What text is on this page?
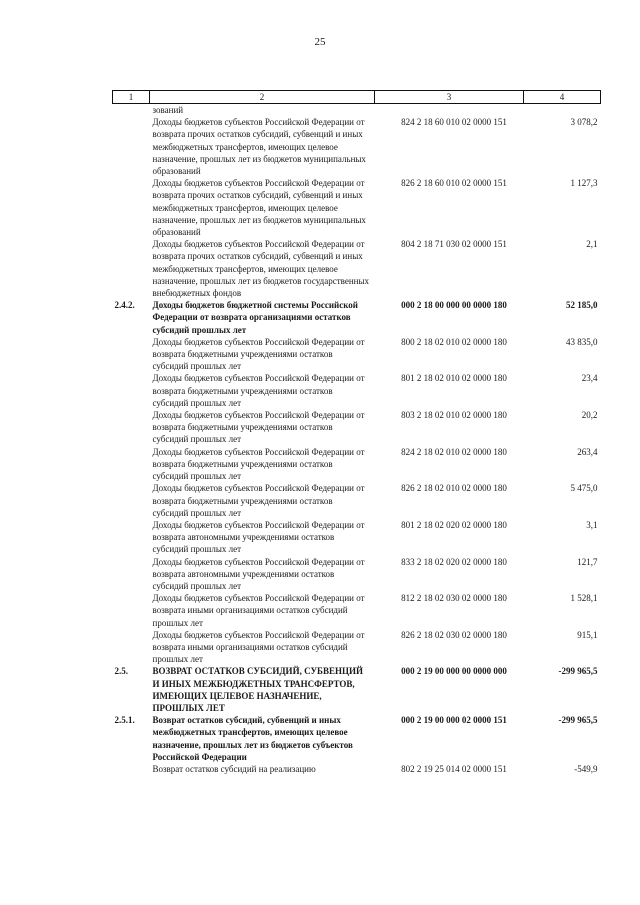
25
1	2	3	4
	зований		
	Доходы бюджетов субъектов Российской Федерации от возврата прочих остатков субсидий, субвенций и иных межбюджетных трансфертов, имеющих целевое назначение, прошлых лет из бюджетов муниципальных образований	824 2 18 60 010 02 0000 151	3 078,2
	Доходы бюджетов субъектов Российской Федерации от возврата прочих остатков субсидий, субвенций и иных межбюджетных трансфертов, имеющих целевое назначение, прошлых лет из бюджетов муниципальных образований	826 2 18 60 010 02 0000 151	1 127,3
	Доходы бюджетов субъектов Российской Федерации от возврата прочих остатков субсидий, субвенций и иных межбюджетных трансфертов, имеющих целевое назначение, прошлых лет из бюджетов государственных внебюджетных фондов	804 2 18 71 030 02 0000 151	2,1
2.4.2.	Доходы бюджетов бюджетной системы Российской Федерации от возврата организациями остатков субсидий прошлых лет	000 2 18 00 000 00 0000 180	52 185,0
	Доходы бюджетов субъектов Российской Федерации от возврата бюджетными учреждениями остатков субсидий прошлых лет	800 2 18 02 010 02 0000 180	43 835,0
	Доходы бюджетов субъектов Российской Федерации от возврата бюджетными учреждениями остатков субсидий прошлых лет	801 2 18 02 010 02 0000 180	23,4
	Доходы бюджетов субъектов Российской Федерации от возврата бюджетными учреждениями остатков субсидий прошлых лет	803 2 18 02 010 02 0000 180	20,2
	Доходы бюджетов субъектов Российской Федерации от возврата бюджетными учреждениями остатков субсидий прошлых лет	824 2 18 02 010 02 0000 180	263,4
	Доходы бюджетов субъектов Российской Федерации от возврата бюджетными учреждениями остатков субсидий прошлых лет	826 2 18 02 010 02 0000 180	5 475,0
	Доходы бюджетов субъектов Российской Федерации от возврата автономными учреждениями остатков субсидий прошлых лет	801 2 18 02 020 02 0000 180	3,1
	Доходы бюджетов субъектов Российской Федерации от возврата автономными учреждениями остатков субсидий прошлых лет	833 2 18 02 020 02 0000 180	121,7
	Доходы бюджетов субъектов Российской Федерации от возврата иными организациями остатков субсидий прошлых лет	812 2 18 02 030 02 0000 180	1 528,1
	Доходы бюджетов субъектов Российской Федерации от возврата иными организациями остатков субсидий прошлых лет	826 2 18 02 030 02 0000 180	915,1
2.5.	ВОЗВРАТ ОСТАТКОВ СУБСИДИЙ, СУБВЕНЦИЙ И ИНЫХ МЕЖБЮДЖЕТНЫХ ТРАНСФЕРТОВ, ИМЕЮЩИХ ЦЕЛЕВОЕ НАЗНАЧЕНИЕ, ПРОШЛЫХ ЛЕТ	000 2 19 00 000 00 0000 000	-299 965,5
2.5.1.	Возврат остатков субсидий, субвенций и иных межбюджетных трансфертов, имеющих целевое назначение, прошлых лет из бюджетов субъектов Российской Федерации	000 2 19 00 000 02 0000 151	-299 965,5
	Возврат остатков субсидий на реализацию	802 2 19 25 014 02 0000 151	-549,9
